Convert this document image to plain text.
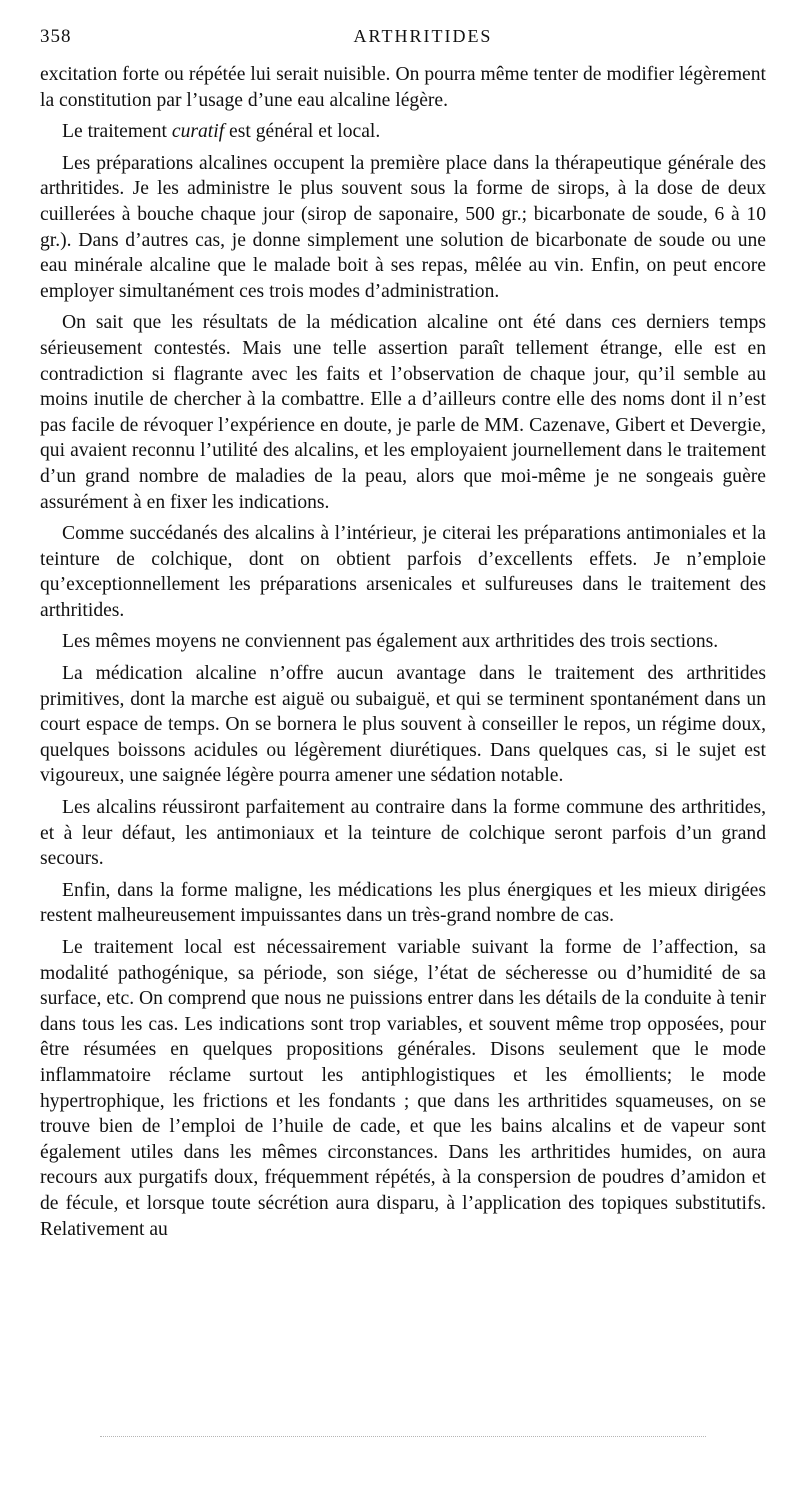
358	ARTHRITIDES

excitation forte ou répétée lui serait nuisible. On pourra même tenter de modifier légèrement la constitution par l’usage d’une eau alcaline légère.

Le traitement curatif est général et local.

Les préparations alcalines occupent la première place dans la thérapeutique générale des arthritides. Je les administre le plus souvent sous la forme de sirops, à la dose de deux cuillerées à bouche chaque jour (sirop de saponaire, 500 gr.; bicarbonate de soude, 6 à 10 gr.). Dans d’autres cas, je donne simplement une solution de bicarbonate de soude ou une eau minérale alcaline que le malade boit à ses repas, mêlée au vin. Enfin, on peut encore employer simultanément ces trois modes d’administration.

On sait que les résultats de la médication alcaline ont été dans ces derniers temps sérieusement contestés. Mais une telle assertion paraît tellement étrange, elle est en contradiction si flagrante avec les faits et l’observation de chaque jour, qu’il semble au moins inutile de chercher à la combattre. Elle a d’ailleurs contre elle des noms dont il n’est pas facile de révoquer l’expérience en doute, je parle de MM. Cazenave, Gibert et Devergie, qui avaient reconnu l’utilité des alcalins, et les employaient journellement dans le traitement d’un grand nombre de maladies de la peau, alors que moi-même je ne songeais guère assurément à en fixer les indications.

Comme succédanés des alcalins à l’intérieur, je citerai les préparations antimoniales et la teinture de colchique, dont on obtient parfois d’excellents effets. Je n’emploie qu’exceptionnellement les préparations arsenicales et sulfureuses dans le traitement des arthritides.

Les mêmes moyens ne conviennent pas également aux arthritides des trois sections.

La médication alcaline n’offre aucun avantage dans le traitement des arthritides primitives, dont la marche est aiguë ou subaiguë, et qui se terminent spontanément dans un court espace de temps. On se bornera le plus souvent à conseiller le repos, un régime doux, quelques boissons acidules ou légèrement diurétiques. Dans quelques cas, si le sujet est vigoureux, une saignée légère pourra amener une sédation notable.

Les alcalins réussiront parfaitement au contraire dans la forme commune des arthritides, et à leur défaut, les antimoniaux et la teinture de colchique seront parfois d’un grand secours.

Enfin, dans la forme maligne, les médications les plus énergiques et les mieux dirigées restent malheureusement impuissantes dans un très-grand nombre de cas.

Le traitement local est nécessairement variable suivant la forme de l’affection, sa modalité pathogénique, sa période, son siége, l’état de sécheresse ou d’humidité de sa surface, etc. On comprend que nous ne puissions entrer dans les détails de la conduite à tenir dans tous les cas. Les indications sont trop variables, et souvent même trop opposées, pour être résumées en quelques propositions générales. Disons seulement que le mode inflammatoire réclame surtout les antiphlogistiques et les émollients; le mode hypertrophique, les frictions et les fondants ; que dans les arthritides squameuses, on se trouve bien de l’emploi de l’huile de cade, et que les bains alcalins et de vapeur sont également utiles dans les mêmes circonstances. Dans les arthritides humides, on aura recours aux purgatifs doux, fréquemment répétés, à la conspersion de poudres d’amidon et de fécule, et lorsque toute sécrétion aura disparu, à l’application des topiques substitutifs. Relativement au
